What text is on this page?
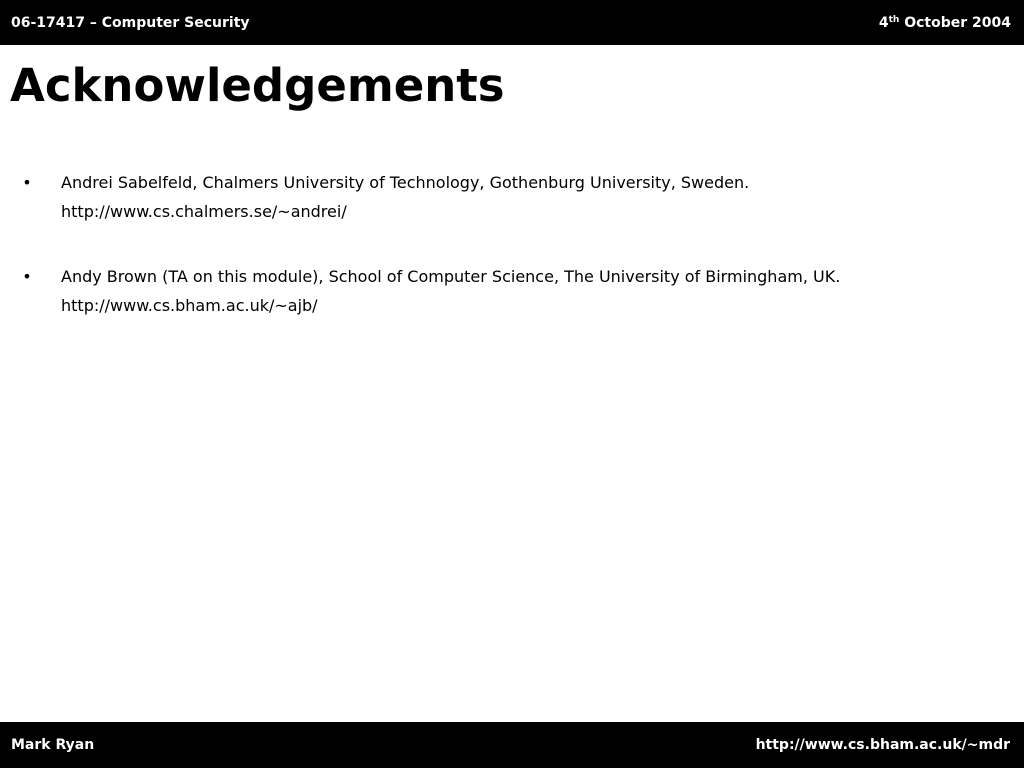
06-17417 – Computer Security	4th October 2004
Acknowledgements
• Andrei Sabelfeld, Chalmers University of Technology, Gothenburg University, Sweden.
http://www.cs.chalmers.se/~andrei/
• Andy Brown (TA on this module), School of Computer Science, The University of Birmingham, UK.
http://www.cs.bham.ac.uk/~ajb/
Mark Ryan	http://www.cs.bham.ac.uk/~mdr
